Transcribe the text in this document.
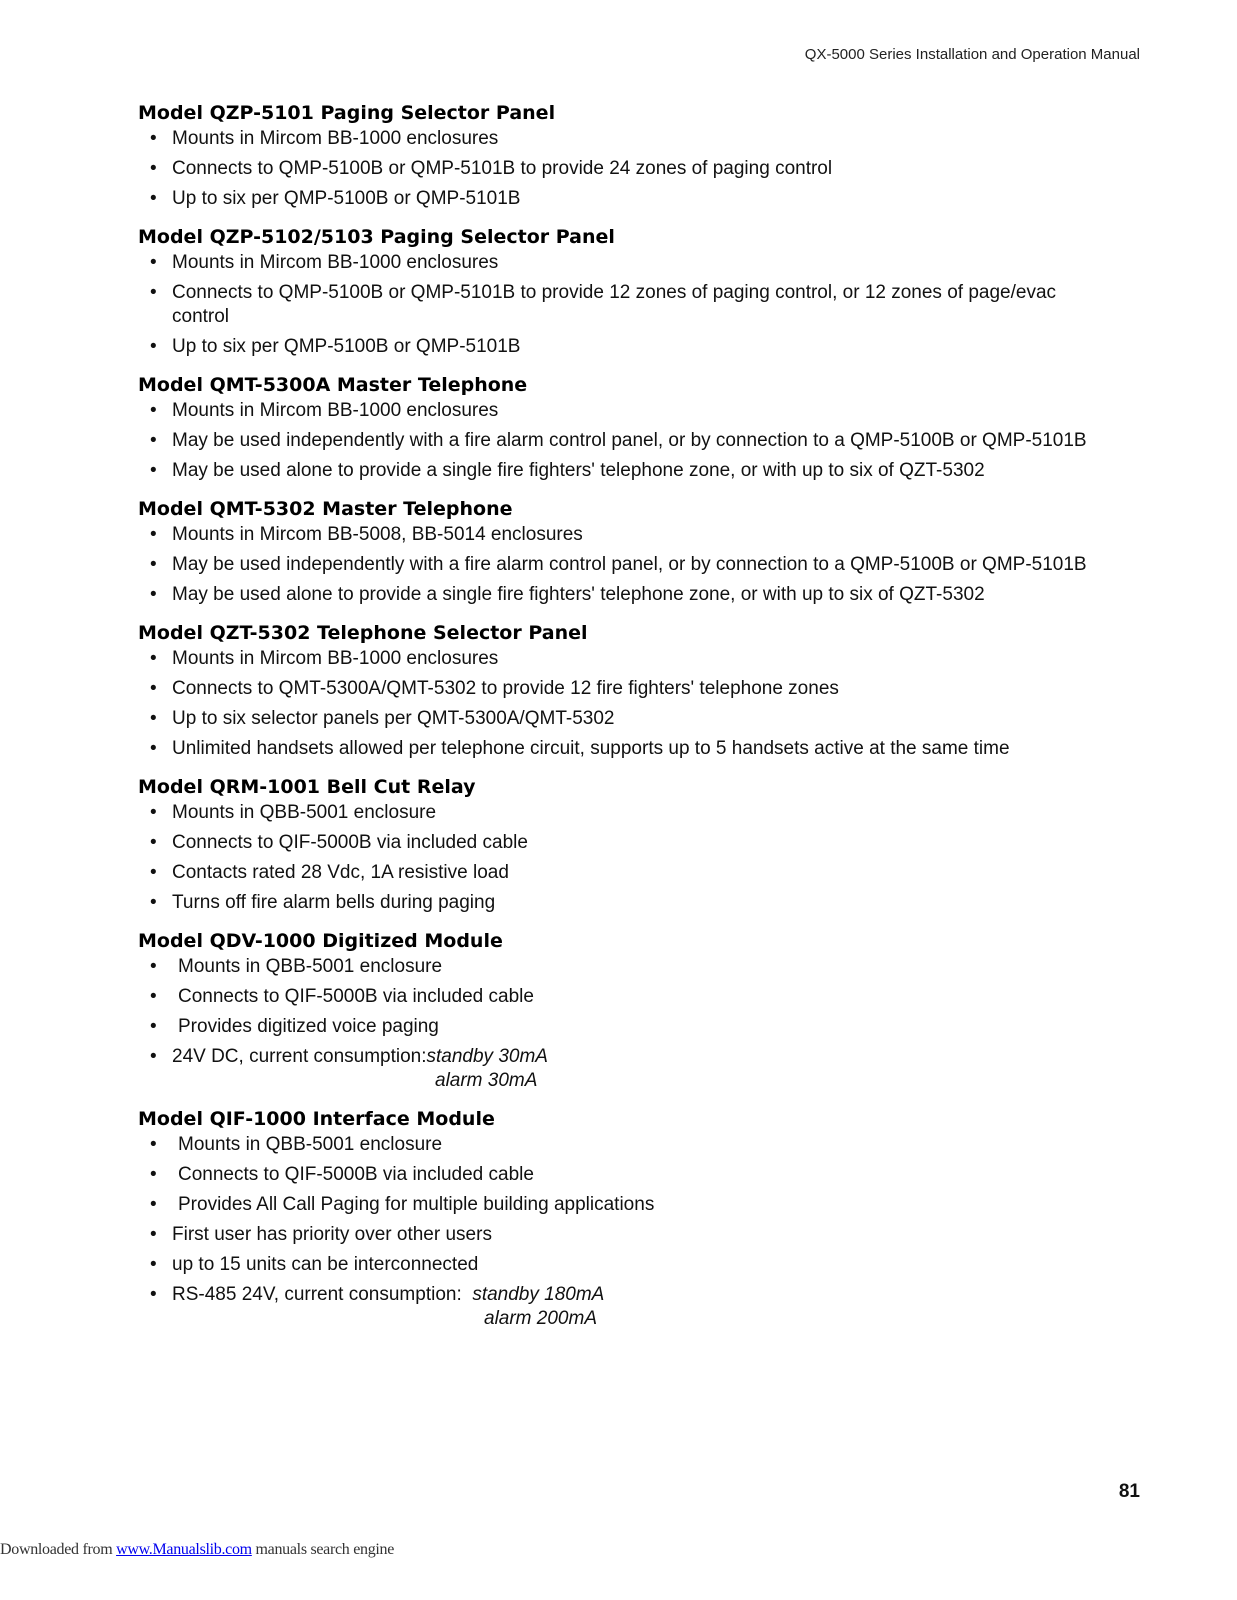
QX-5000 Series Installation and Operation Manual
Model QZP-5101 Paging Selector Panel
• Mounts in Mircom BB-1000 enclosures
• Connects to QMP-5100B or QMP-5101B to provide 24 zones of paging control
• Up to six per QMP-5100B or QMP-5101B
Model QZP-5102/5103 Paging Selector Panel
• Mounts in Mircom BB-1000 enclosures
• Connects to QMP-5100B or QMP-5101B to provide 12 zones of paging control, or 12 zones of page/evac control
• Up to six per QMP-5100B or QMP-5101B
Model QMT-5300A Master Telephone
• Mounts in Mircom BB-1000 enclosures
• May be used independently with a fire alarm control panel, or by connection to a QMP-5100B or QMP-5101B
• May be used alone to provide a single fire fighters' telephone zone, or with up to six of QZT-5302
Model QMT-5302 Master Telephone
• Mounts in Mircom BB-5008, BB-5014 enclosures
• May be used independently with a fire alarm control panel, or by connection to a QMP-5100B or QMP-5101B
• May be used alone to provide a single fire fighters' telephone zone, or with up to six of QZT-5302
Model QZT-5302 Telephone Selector Panel
• Mounts in Mircom BB-1000 enclosures
• Connects to QMT-5300A/QMT-5302 to provide 12 fire fighters' telephone zones
• Up to six selector panels per QMT-5300A/QMT-5302
• Unlimited handsets allowed per telephone circuit, supports up to 5 handsets active at the same time
Model QRM-1001 Bell Cut Relay
• Mounts in QBB-5001 enclosure
• Connects to QIF-5000B via included cable
• Contacts rated 28 Vdc, 1A resistive load
• Turns off fire alarm bells during paging
Model QDV-1000 Digitized Module
• Mounts in QBB-5001 enclosure
• Connects to QIF-5000B via included cable
• Provides digitized voice paging
• 24V DC, current consumption:standby 30mA
alarm 30mA
Model QIF-1000 Interface Module
• Mounts in QBB-5001 enclosure
• Connects to QIF-5000B via included cable
• Provides All Call Paging for multiple building applications
• First user has priority over other users
• up to 15 units can be interconnected
• RS-485 24V, current consumption: standby 180mA
alarm 200mA
81
Downloaded from www.Manualslib.com manuals search engine
